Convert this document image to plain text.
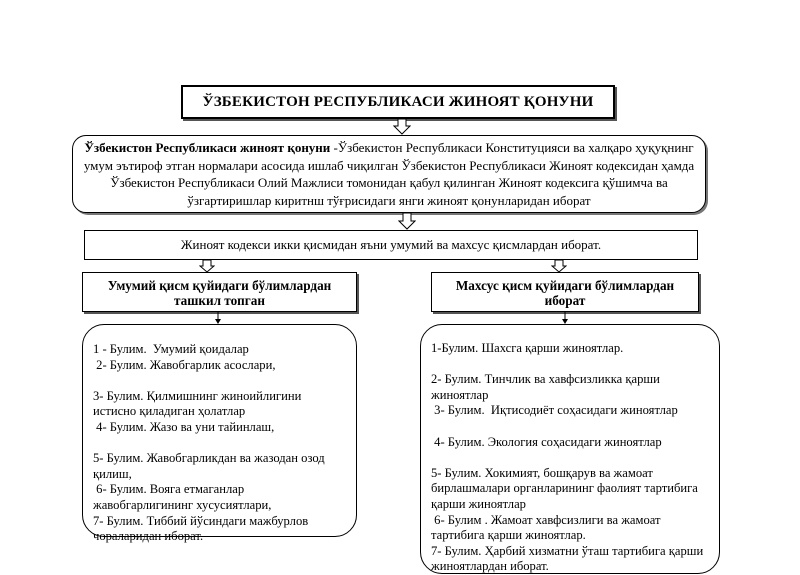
ЎЗБЕКИСТОН РЕСПУБЛИКАСИ ЖИНОЯТ ҚОНУНИ
Ўзбекистон Республикаси жиноят қонуни -Ўзбекистон Республикаси Конституцияси ва халқаро ҳуқуқнинг умум эътироф этган нормалари асосида ишлаб чиқилган Ўзбекистон Республикаси Жиноят кодексидан ҳамда Ўзбекистон Республикаси Олий Мажлиси томонидан қабул қилинган Жиноят кодексига қўшимча ва ўзгартиришлар киритнш тўғрисидаги янги жиноят қонунларидан иборат
Жиноят кодекси икки қисмидан яъни умумий ва махсус қисмлардан иборат.
Умумий қисм қуйидаги бўлимлардан ташкил топган
Махсус қисм қуйидаги бўлимлардан иборат
1 - Булим.  Умумий қоидалар
2- Булим. Жавобгарлик асослари,
3- Булим. Қилмишнинг жиноийлигини истисно қиладиган ҳолатлар
4- Булим. Жазо ва уни тайинлаш,
5- Булим. Жавобгарликдан ва жазодан озод қилиш,
6- Булим. Вояга етмаганлар жавобгарлигининг хусусиятлари,
7- Булим. Тиббий йўсиндаги мажбурлов чораларидан иборат.
1-Булим. Шахсга қарши жиноятлар.
2- Булим. Тинчлик ва хавфсизликка қарши жиноятлар
3- Булим.  Иқтисодиёт соҳасидаги жиноятлар
4- Булим. Экология соҳасидаги жиноятлар
5- Булим. Хокимият, бошқарув ва жамоат бирлашмалари органларининг фаолият тартибига қарши жиноятлар
6- Булим . Жамоат хавфсизлиги ва жамоат тартибига қарши жиноятлар.
7- Булим. Ҳарбий хизматни ўташ тартибига қарши жиноятлардан иборат.
